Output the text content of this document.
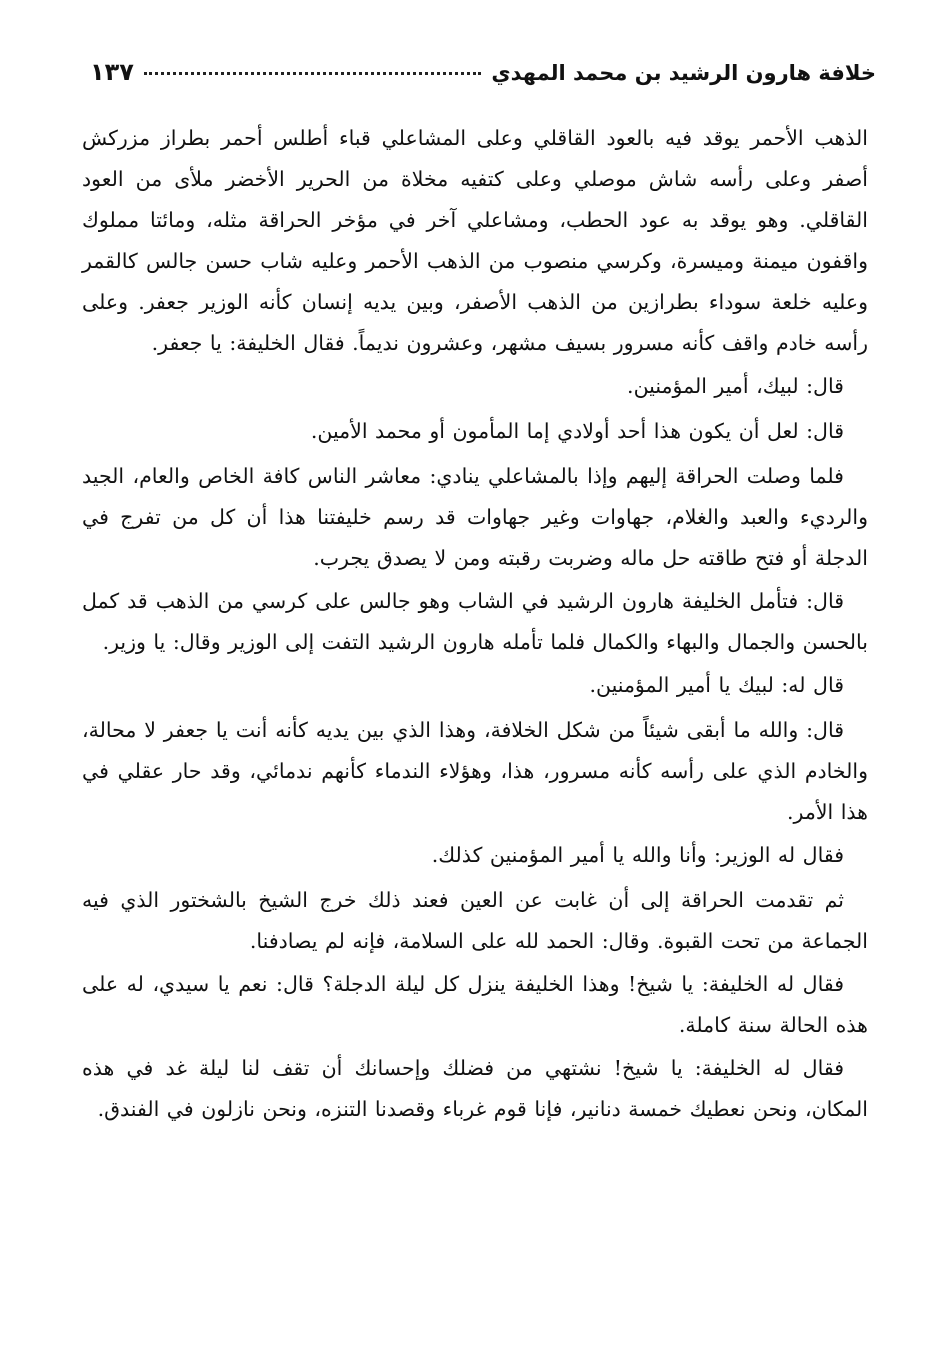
خلافة هارون الرشيد بن محمد المهدي
١٣٧

الذهب الأحمر يوقد فيه بالعود القاقلي وعلى المشاعلي قباء أطلس أحمر بطراز مزركش أصفر وعلى رأسه شاش موصلي وعلى كتفيه مخلاة من الحرير الأخضر ملأى من العود القاقلي. وهو يوقد به عود الحطب، ومشاعلي آخر في مؤخر الحراقة مثله، ومائتا مملوك واقفون ميمنة وميسرة، وكرسي منصوب من الذهب الأحمر وعليه شاب حسن جالس كالقمر وعليه خلعة سوداء بطرازين من الذهب الأصفر، وبين يديه إنسان كأنه الوزير جعفر. وعلى رأسه خادم واقف كأنه مسرور بسيف مشهر، وعشرون نديماً. فقال الخليفة: يا جعفر.

قال: لبيك، أمير المؤمنين.

قال: لعل أن يكون هذا أحد أولادي إما المأمون أو محمد الأمين.

فلما وصلت الحراقة إليهم وإذا بالمشاعلي ينادي: معاشر الناس كافة الخاص والعام، الجيد والرديء والعبد والغلام، جهاوات وغير جهاوات قد رسم خليفتنا هذا أن كل من تفرج في الدجلة أو فتح طاقته حل ماله وضربت رقبته ومن لا يصدق يجرب.

قال: فتأمل الخليفة هارون الرشيد في الشاب وهو جالس على كرسي من الذهب قد كمل بالحسن والجمال والبهاء والكمال فلما تأمله هارون الرشيد التفت إلى الوزير وقال: يا وزير.

قال له: لبيك يا أمير المؤمنين.

قال: والله ما أبقى شيئاً من شكل الخلافة، وهذا الذي بين يديه كأنه أنت يا جعفر لا محالة، والخادم الذي على رأسه كأنه مسرور، هذا، وهؤلاء الندماء كأنهم ندمائي، وقد حار عقلي في هذا الأمر.

فقال له الوزير: وأنا والله يا أمير المؤمنين كذلك.

ثم تقدمت الحراقة إلى أن غابت عن العين فعند ذلك خرج الشيخ بالشختور الذي فيه الجماعة من تحت القبوة. وقال: الحمد لله على السلامة، فإنه لم يصادفنا.

فقال له الخليفة: يا شيخ! وهذا الخليفة ينزل كل ليلة الدجلة؟ قال: نعم يا سيدي، له على هذه الحالة سنة كاملة.

فقال له الخليفة: يا شيخ! نشتهي من فضلك وإحسانك أن تقف لنا ليلة غد في هذه المكان، ونحن نعطيك خمسة دنانير، فإنا قوم غرباء وقصدنا التنزه، ونحن نازلون في الفندق.
